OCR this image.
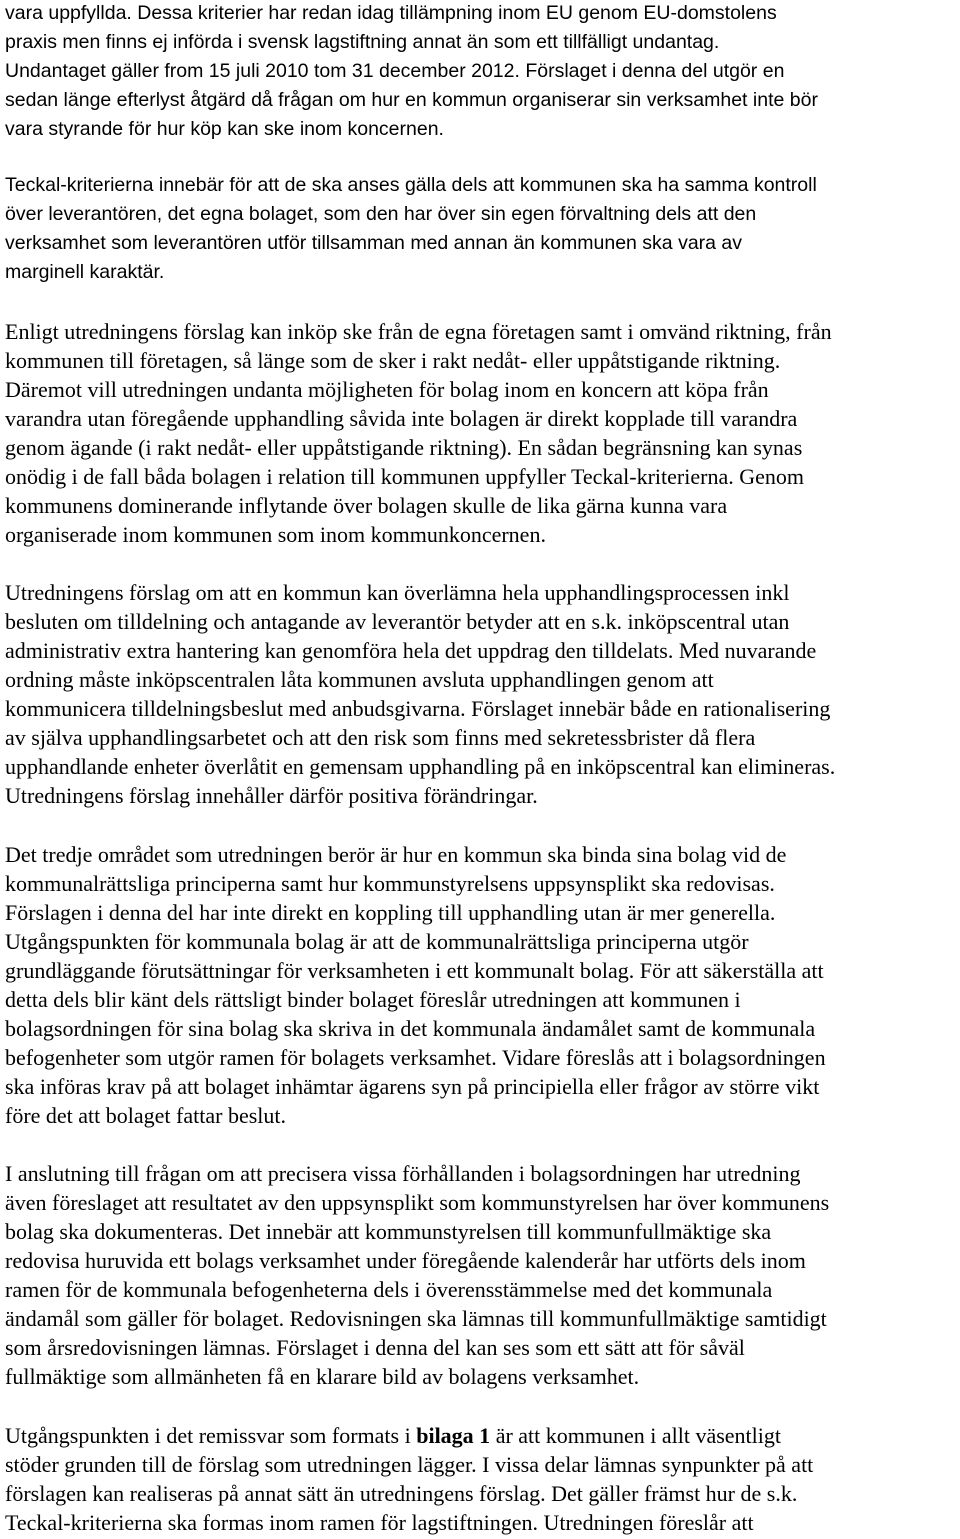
vara uppfyllda. Dessa kriterier har redan idag tillämpning inom EU genom EU-domstolens

praxis men finns ej införda i svensk lagstiftning annat än som ett tillfälligt undantag.

Undantaget gäller from 15 juli 2010 tom 31 december 2012. Förslaget i denna del utgör en

sedan länge efterlyst åtgärd då frågan om hur en kommun organiserar sin verksamhet inte bör

vara styrande för hur köp kan ske inom koncernen.

Teckal-kriterierna innebär för att de ska anses gälla dels att kommunen ska ha samma kontroll

över leverantören, det egna bolaget, som den har över sin egen förvaltning dels att den

verksamhet som leverantören utför tillsamman med annan än kommunen ska vara av

marginell karaktär.

Enligt utredningens förslag kan inköp ske från de egna företagen samt i omvänd riktning, från

kommunen till företagen, så länge som de sker i rakt nedåt- eller uppåtstigande riktning.

Däremot vill utredningen undanta möjligheten för bolag inom en koncern att köpa från

varandra utan föregående upphandling såvida inte bolagen är direkt kopplade till varandra

genom ägande (i rakt nedåt- eller uppåtstigande riktning). En sådan begränsning kan synas

onödig i de fall båda bolagen i relation till kommunen uppfyller Teckal-kriterierna. Genom

kommunens dominerande inflytande över bolagen skulle de lika gärna kunna vara

organiserade inom kommunen som inom kommunkoncernen.

Utredningens förslag om att en kommun kan överlämna hela upphandlingsprocessen inkl

besluten om tilldelning och antagande av leverantör betyder att en s.k. inköpscentral utan

administrativ extra hantering kan genomföra hela det uppdrag den tilldelats. Med nuvarande

ordning måste inköpscentralen låta kommunen avsluta upphandlingen genom att

kommunicera tilldelningsbeslut med anbudsgivarna. Förslaget innebär både en rationalisering

av själva upphandlingsarbetet och att den risk som finns med sekretessbrister då flera

upphandlande enheter överlåtit en gemensam upphandling på en inköpscentral kan elimineras.

Utredningens förslag innehåller därför positiva förändringar.

Det tredje området som utredningen berör är hur en kommun ska binda sina bolag vid de

kommunalrättsliga principerna samt hur kommunstyrelsens uppsynsplikt ska redovisas.

Förslagen i denna del har inte direkt en koppling till upphandling utan är mer generella.

Utgångspunkten för kommunala bolag är att de kommunalrättsliga principerna utgör

grundläggande förutsättningar för verksamheten i ett kommunalt bolag. För att säkerställa att

detta dels blir känt dels rättsligt binder bolaget föreslår utredningen att kommunen i

bolagsordningen för sina bolag ska skriva in det kommunala ändamålet samt de kommunala

befogenheter som utgör ramen för bolagets verksamhet. Vidare föreslås att i bolagsordningen

ska införas krav på att bolaget inhämtar ägarens syn på principiella eller frågor av större vikt

före det att bolaget fattar beslut.

I anslutning till frågan om att precisera vissa förhållanden i bolagsordningen har utredning

även föreslaget att resultatet av den uppsynsplikt som kommunstyrelsen har över kommunens

bolag ska dokumenteras. Det innebär att kommunstyrelsen till kommunfullmäktige ska

redovisa huruvida ett bolags verksamhet under föregående kalenderår har utförts dels inom

ramen för de kommunala befogenheterna dels i överensstämmelse med det kommunala

ändamål som gäller för bolaget. Redovisningen ska lämnas till kommunfullmäktige samtidigt

som årsredovisningen lämnas. Förslaget i denna del kan ses som ett sätt att för såväl

fullmäktige som allmänheten få en klarare bild av bolagens verksamhet.

Utgångspunkten i det remissvar som formats i bilaga 1 är att kommunen i allt väsentligt

stöder grunden till de förslag som utredningen lägger. I vissa delar lämnas synpunkter på att

förslagen kan realiseras på annat sätt än utredningens förslag. Det gäller främst hur de s.k.

Teckal-kriterierna ska formas inom ramen för lagstiftningen. Utredningen föreslår att
